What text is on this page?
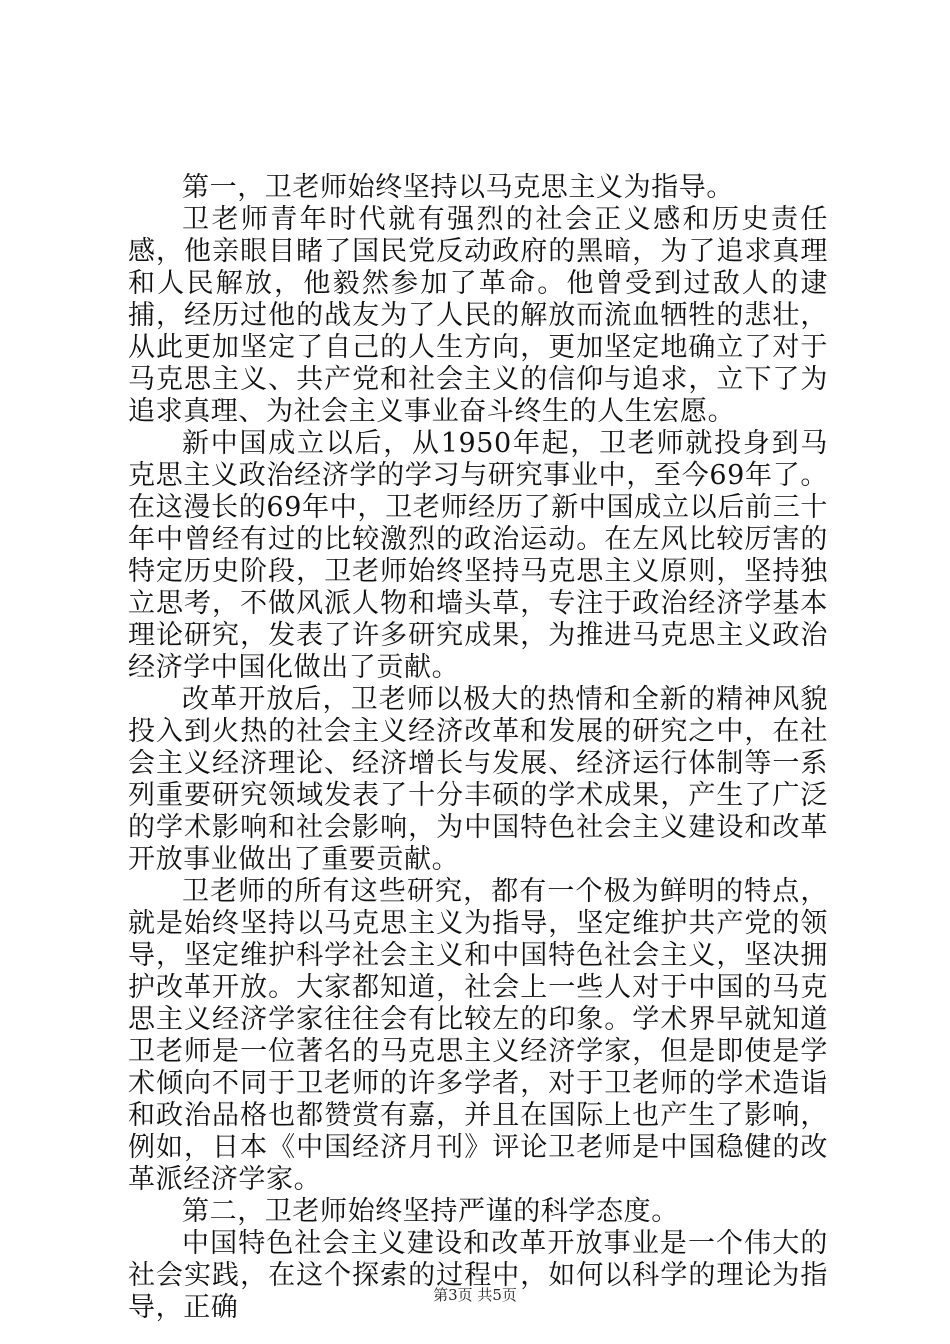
第一，卫老师始终坚持以马克思主义为指导。

卫老师青年时代就有强烈的社会正义感和历史责任感，他亲眼目睹了国民党反动政府的黑暗，为了追求真理和人民解放，他毅然参加了革命。他曾受到过敌人的逮捕，经历过他的战友为了人民的解放而流血牺牲的悲壮，从此更加坚定了自己的人生方向，更加坚定地确立了对于马克思主义、共产党和社会主义的信仰与追求，立下了为追求真理、为社会主义事业奋斗终生的人生宏愿。

新中国成立以后，从1950年起，卫老师就投身到马克思主义政治经济学的学习与研究事业中，至今69年了。在这漫长的69年中，卫老师经历了新中国成立以后前三十年中曾经有过的比较激烈的政治运动。在左风比较厉害的特定历史阶段，卫老师始终坚持马克思主义原则，坚持独立思考，不做风派人物和墙头草，专注于政治经济学基本理论研究，发表了许多研究成果，为推进马克思主义政治经济学中国化做出了贡献。

改革开放后，卫老师以极大的热情和全新的精神风貌投入到火热的社会主义经济改革和发展的研究之中，在社会主义经济理论、经济增长与发展、经济运行体制等一系列重要研究领域发表了十分丰硕的学术成果，产生了广泛的学术影响和社会影响，为中国特色社会主义建设和改革开放事业做出了重要贡献。

卫老师的所有这些研究，都有一个极为鲜明的特点，就是始终坚持以马克思主义为指导，坚定维护共产党的领导，坚定维护科学社会主义和中国特色社会主义，坚决拥护改革开放。大家都知道，社会上一些人对于中国的马克思主义经济学家往往会有比较左的印象。学术界早就知道卫老师是一位著名的马克思主义经济学家，但是即使是学术倾向不同于卫老师的许多学者，对于卫老师的学术造诣和政治品格也都赞赏有嘉，并且在国际上也产生了影响，例如，日本《中国经济月刊》评论卫老师是中国稳健的改革派经济学家。

第二，卫老师始终坚持严谨的科学态度。

中国特色社会主义建设和改革开放事业是一个伟大的社会实践，在这个探索的过程中，如何以科学的理论为指导，正确	第3页 共5页
